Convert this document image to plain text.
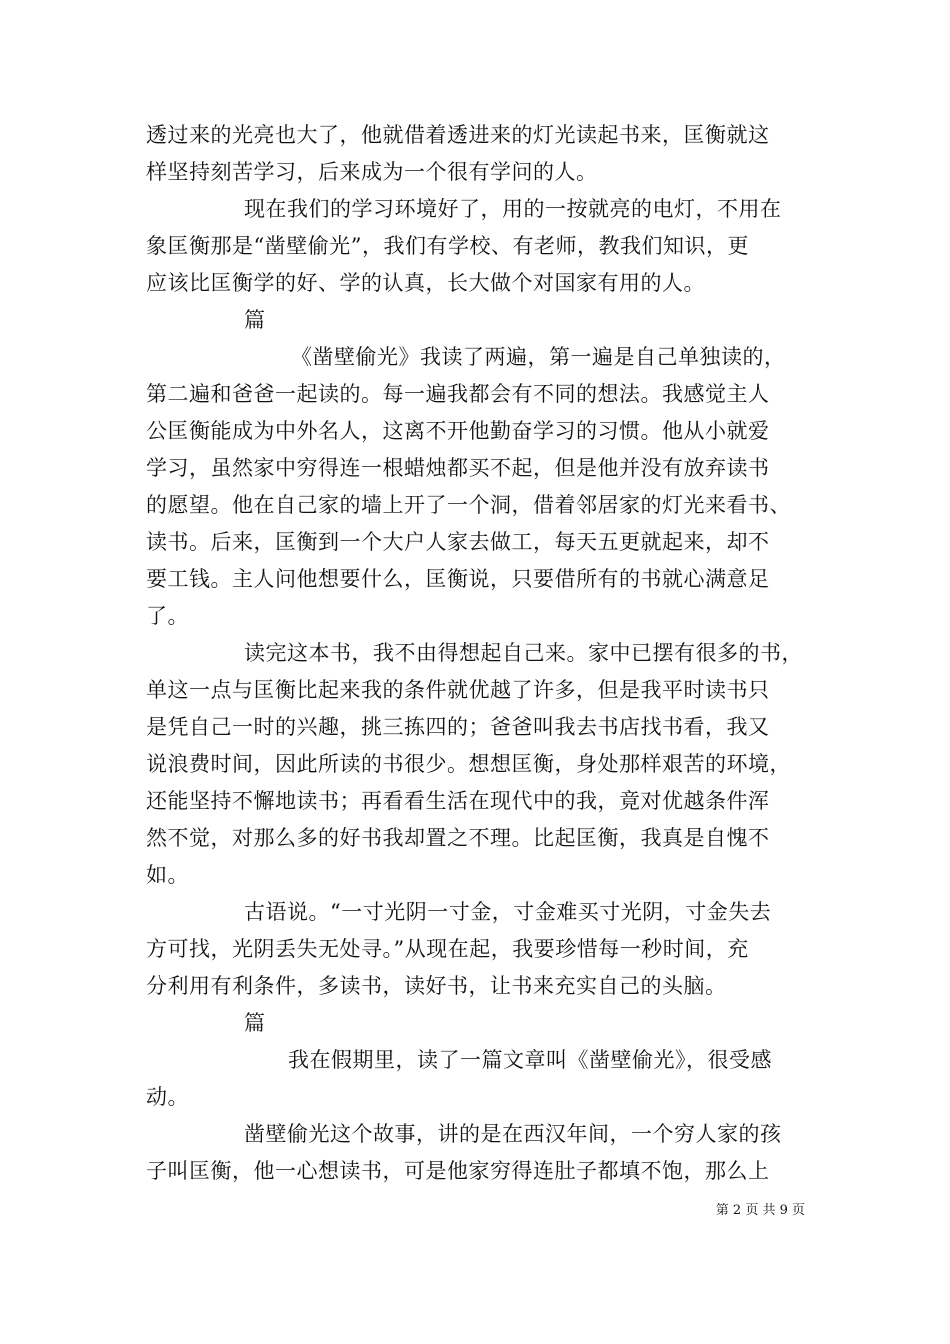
透过来的光亮也大了，他就借着透进来的灯光读起书来，匡衡就这
样坚持刻苦学习，后来成为一个很有学问的人。
现在我们的学习环境好了，用的一按就亮的电灯，不用在
象匡衡那是“凿壁偷光”，我们有学校、有老师，教我们知识，更
应该比匡衡学的好、学的认真，长大做个对国家有用的人。
篇
《凿壁偷光》我读了两遍，第一遍是自己单独读的，
第二遍和爸爸一起读的。每一遍我都会有不同的想法。我感觉主人
公匡衡能成为中外名人，这离不开他勤奋学习的习惯。他从小就爱
学习，虽然家中穷得连一根蜡烛都买不起，但是他并没有放弃读书
的愿望。他在自己家的墙上开了一个洞，借着邻居家的灯光来看书、
读书。后来，匡衡到一个大户人家去做工，每天五更就起来，却不
要工钱。主人问他想要什么，匡衡说，只要借所有的书就心满意足
了。
读完这本书，我不由得想起自己来。家中已摆有很多的书，
单这一点与匡衡比起来我的条件就优越了许多，但是我平时读书只
是凭自己一时的兴趣，挑三拣四的；爸爸叫我去书店找书看，我又
说浪费时间，因此所读的书很少。想想匡衡，身处那样艰苦的环境，
还能坚持不懈地读书；再看看生活在现代中的我，竟对优越条件浑
然不觉，对那么多的好书我却置之不理。比起匡衡，我真是自愧不
如。
古语说。“一寸光阴一寸金，寸金难买寸光阴，寸金失去
方可找，光阴丢失无处寻。”从现在起，我要珍惜每一秒时间，充
分利用有利条件，多读书，读好书，让书来充实自己的头脑。
篇
我在假期里，读了一篇文章叫《凿壁偷光》，很受感
动。
凿壁偷光这个故事，讲的是在西汉年间，一个穷人家的孩
子叫匡衡，他一心想读书，可是他家穷得连肚子都填不饱，那么上
第 2 页 共 9 页
